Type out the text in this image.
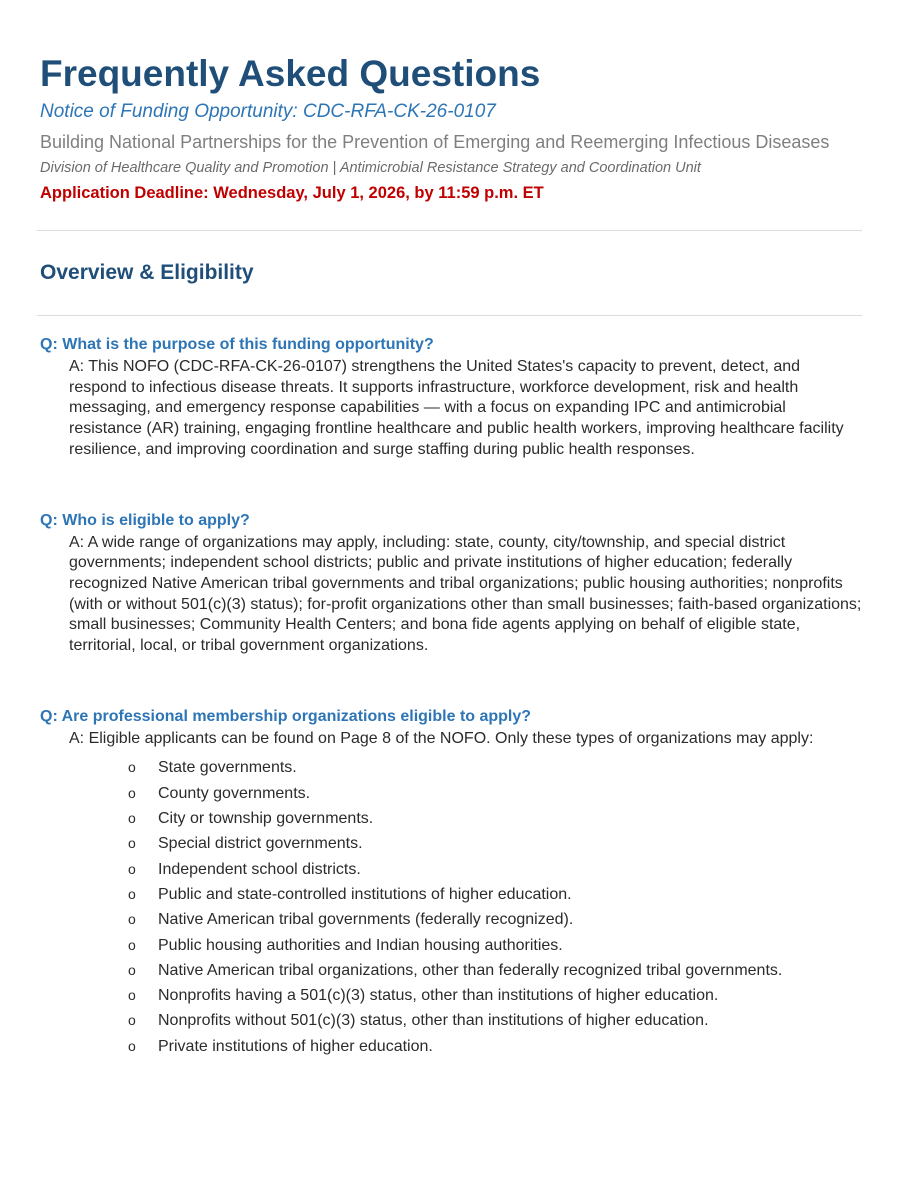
Frequently Asked Questions
Notice of Funding Opportunity: CDC-RFA-CK-26-0107
Building National Partnerships for the Prevention of Emerging and Reemerging Infectious Diseases
Division of Healthcare Quality and Promotion | Antimicrobial Resistance Strategy and Coordination Unit
Application Deadline: Wednesday, July 1, 2026, by 11:59 p.m. ET
Overview & Eligibility
Q: What is the purpose of this funding opportunity?
A: This NOFO (CDC-RFA-CK-26-0107) strengthens the United States's capacity to prevent, detect, and respond to infectious disease threats. It supports infrastructure, workforce development, risk and health messaging, and emergency response capabilities — with a focus on expanding IPC and antimicrobial resistance (AR) training, engaging frontline healthcare and public health workers, improving healthcare facility resilience, and improving coordination and surge staffing during public health responses.
Q: Who is eligible to apply?
A: A wide range of organizations may apply, including: state, county, city/township, and special district governments; independent school districts; public and private institutions of higher education; federally recognized Native American tribal governments and tribal organizations; public housing authorities; nonprofits (with or without 501(c)(3) status); for-profit organizations other than small businesses; faith-based organizations; small businesses; Community Health Centers; and bona fide agents applying on behalf of eligible state, territorial, local, or tribal government organizations.
Q: Are professional membership organizations eligible to apply?
A: Eligible applicants can be found on Page 8 of the NOFO. Only these types of organizations may apply:
o State governments.
o County governments.
o City or township governments.
o Special district governments.
o Independent school districts.
o Public and state-controlled institutions of higher education.
o Native American tribal governments (federally recognized).
o Public housing authorities and Indian housing authorities.
o Native American tribal organizations, other than federally recognized tribal governments.
o Nonprofits having a 501(c)(3) status, other than institutions of higher education.
o Nonprofits without 501(c)(3) status, other than institutions of higher education.
o Private institutions of higher education.
